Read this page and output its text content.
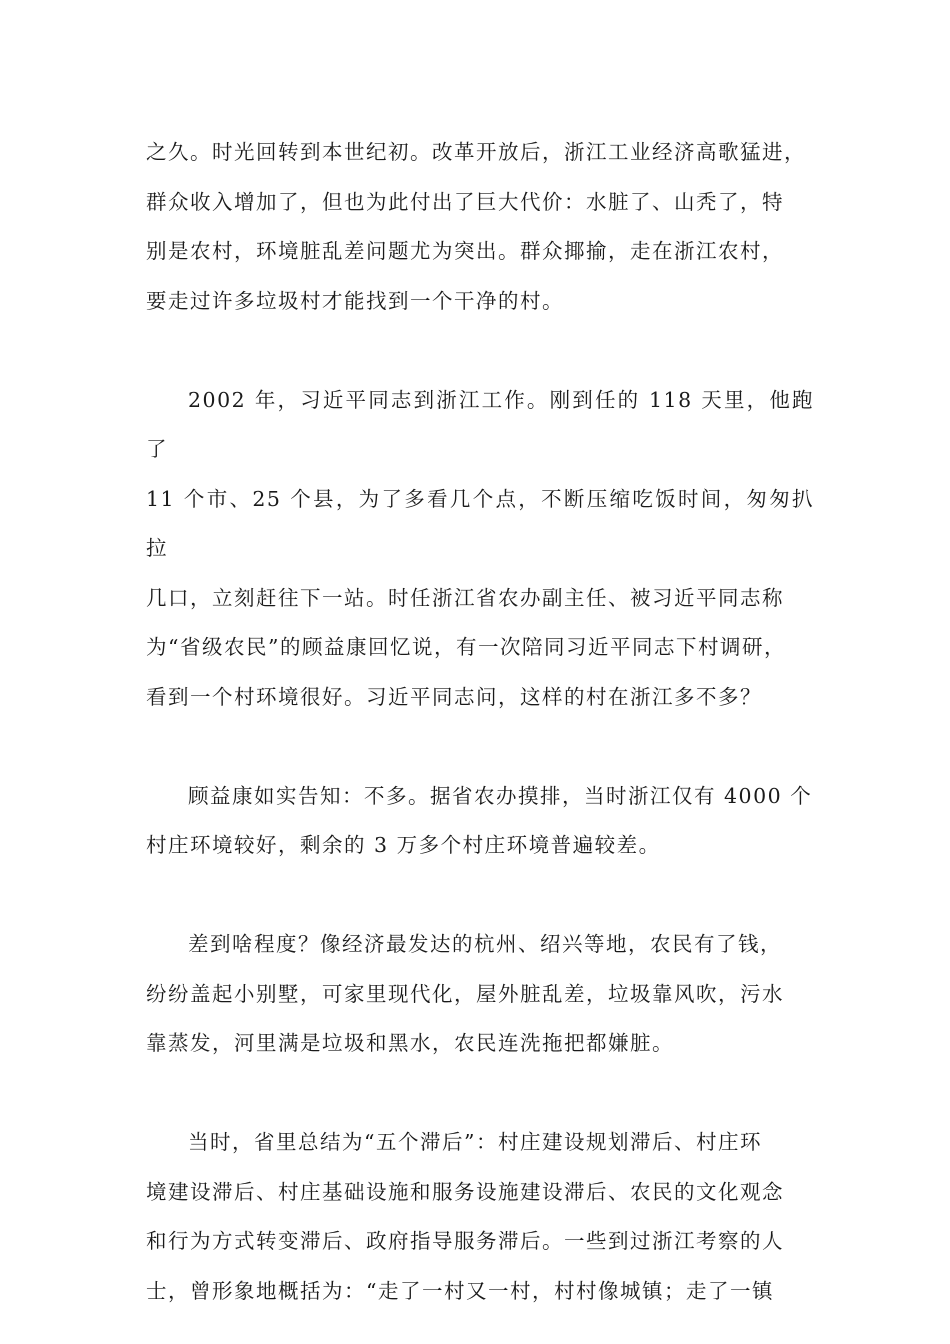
之久。时光回转到本世纪初。改革开放后，浙江工业经济高歌猛进，
群众收入增加了，但也为此付出了巨大代价：水脏了、山秃了，特
别是农村，环境脏乱差问题尤为突出。群众揶揄，走在浙江农村，
要走过许多垃圾村才能找到一个干净的村。
2002 年，习近平同志到浙江工作。刚到任的 118 天里，他跑了
11 个市、25 个县，为了多看几个点，不断压缩吃饭时间，匆匆扒拉
几口，立刻赶往下一站。时任浙江省农办副主任、被习近平同志称
为“省级农民”的顾益康回忆说，有一次陪同习近平同志下村调研，
看到一个村环境很好。习近平同志问，这样的村在浙江多不多？
顾益康如实告知：不多。据省农办摸排，当时浙江仅有 4000 个
村庄环境较好，剩余的 3 万多个村庄环境普遍较差。
差到啥程度？像经济最发达的杭州、绍兴等地，农民有了钱，
纷纷盖起小别墅，可家里现代化，屋外脏乱差，垃圾靠风吹，污水
靠蒸发，河里满是垃圾和黑水，农民连洗拖把都嫌脏。
当时，省里总结为“五个滞后”：村庄建设规划滞后、村庄环
境建设滞后、村庄基础设施和服务设施建设滞后、农民的文化观念
和行为方式转变滞后、政府指导服务滞后。一些到过浙江考察的人
士，曾形象地概括为：“走了一村又一村，村村像城镇；走了一镇
